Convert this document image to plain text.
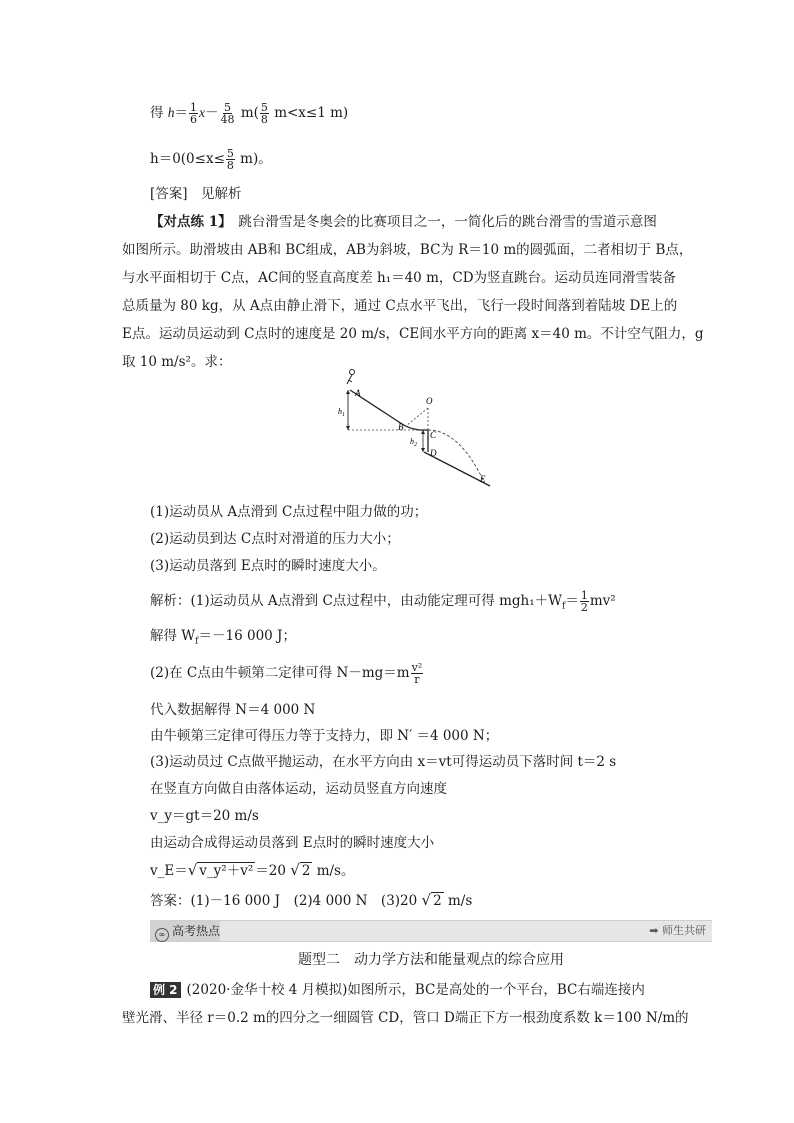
得 $h= \frac{1}{6} x- \frac{5}{48} m( \frac{5}{8} m<x\le 1$ m)
$h=0(0\le x\le \frac{5}{8} m)$。
[答案]　见解析
【对点练 1】　跳台滑雪是冬奥会的比赛项目之一，一简化后的跳台滑雪的雪道示意图
如图所示。助滑坡由 AB和 BC组成，AB为斜坡，BC为 R＝10 m的圆弧面，二者相切于 B点，
与水平面相切于 C点，AC间的竖直高度差 h₁＝40 m，CD为竖直跳台。运动员连同滑雪装备
总质量为 80 kg，从 A点由静止滑下，通过 C点水平飞出，飞行一段时间落到着陆坡 DE上的
E点。运动员运动到 C点时的速度是 20 m/s，CE间水平方向的距离 x＝40 m。不计空气阻力，g
取 10 m/s²。求：
A
B
C
D
E
O
$h_1$
$h_2$
(1)运动员从 A点滑到 C点过程中阻力做的功；
(2)运动员到达 C点时对滑道的压力大小；
(3)运动员落到 E点时的瞬时速度大小。
解析：(1)运动员从 A点滑到 C点过程中，由动能定理可得 $mgh_1+W_f= \frac{1}{2} mv^2$
解得 $W_f=-16$ 000 J；
(2)在 C点由牛顿第二定律可得 $N-mg=m \frac{\text{v²}}{r}$
代入数据解得 N＝4 000 N
由牛顿第三定律可得压力等于支持力，即 N′ ＝4 000 N；
(3)运动员过 C点做平抛运动，在水平方向由 x＝vt可得运动员下落时间 t＝2 s
在竖直方向做自由落体运动，运动员竖直方向速度
v_y＝gt＝20 m/s
由运动合成得运动员落到 E点时的瞬时速度大小
v_E＝√ v_y²＋v² ＝20 √ 2 m/s。
答案：(1)－16 000 J　(2)4 000 N　(3)20 √ 2 m/s
∞ 高考热点	➡ 师生共研
题型二　动力学方法和能量观点的综合应用
例 2 (2020·金华十校 4 月模拟)如图所示，BC是高处的一个平台，BC右端连接内
壁光滑、半径 r＝0.2 m的四分之一细圆管 CD，管口 D端正下方一根劲度系数 k＝100 N/m的
